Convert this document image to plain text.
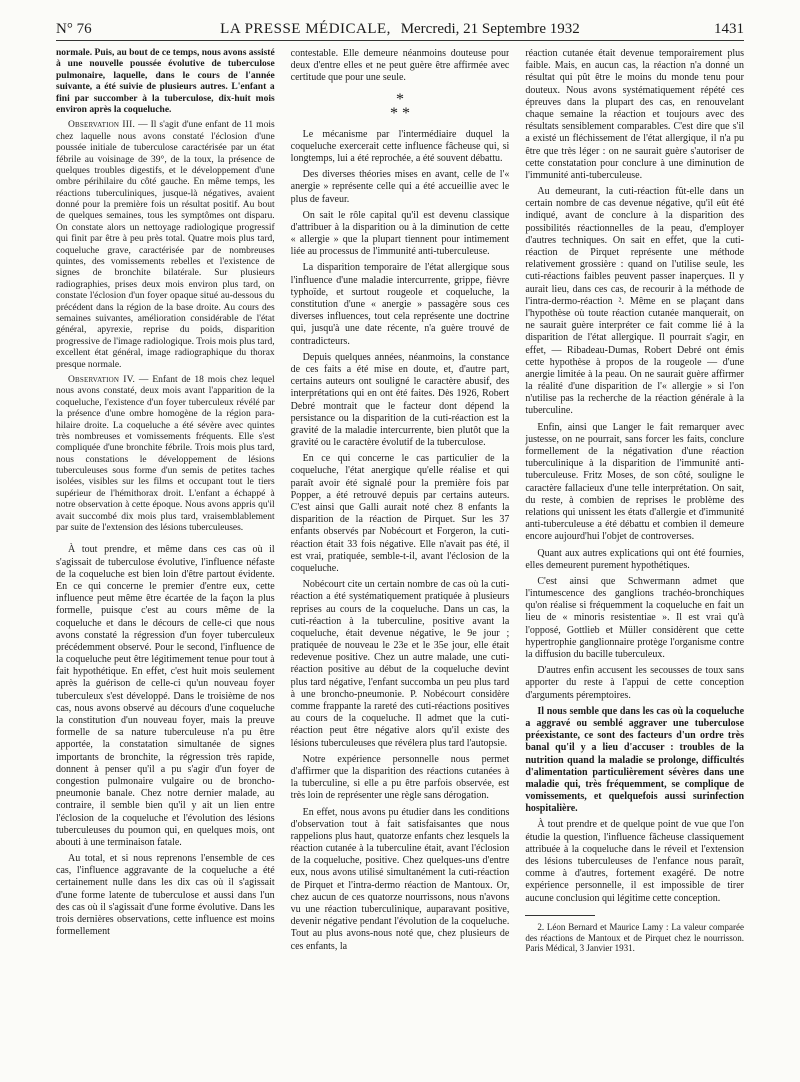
N° 76	LA PRESSE MÉDICALE, Mercredi, 21 Septembre 1932	1431

normale. Puis, au bout de ce temps, nous avons assisté à une nouvelle poussée évolutive de tuberculose pulmonaire, laquelle, dans le cours de l'année suivante, a été suivie de plusieurs autres. L'enfant a fini par succomber à la tuberculose, dix-huit mois environ après la coqueluche.

Observation III. — Il s'agit d'une enfant de 11 mois chez laquelle nous avons constaté l'éclosion d'une poussée initiale de tuberculose caractérisée par un état fébrile au voisinage de 39°, de la toux, la présence de quelques troubles digestifs, et le développement d'une ombre périhilaire du côté gauche. En même temps, les réactions tuberculiniques, jusque-là négatives, avaient donné pour la première fois un résultat positif. Au bout de quelques semaines, tous les symptômes ont disparu. On constate alors un nettoyage radiologique progressif qui finit par être à peu près total. Quatre mois plus tard, coqueluche grave, caractérisée par de nombreuses quintes, des vomissements rebelles et l'existence de signes de bronchite bilatérale. Sur plusieurs radiographies, prises deux mois environ plus tard, on constate l'éclosion d'un foyer opaque situé au-dessous du précédent dans la région de la base droite. Au cours des semaines suivantes, amélioration considérable de l'état général, apyrexie, reprise du poids, disparition progressive de l'image radiologique. Trois mois plus tard, excellent état général, image radiographique du thorax presque normale.

Observation IV. — Enfant de 18 mois chez lequel nous avons constaté, deux mois avant l'apparition de la coqueluche, l'existence d'un foyer tuberculeux révélé par la présence d'une ombre homogène de la région para-hilaire droite. La coqueluche a été sévère avec quintes très nombreuses et vomissements fréquents. Elle s'est compliquée d'une bronchite fébrile. Trois mois plus tard, nous constations le développement de lésions tuberculeuses sous forme d'un semis de petites taches isolées, visibles sur les films et occupant tout le tiers supérieur de l'hémithorax droit. L'enfant a échappé à notre observation à cette époque. Nous avons appris qu'il avait succombé dix mois plus tard, vraisemblablement par suite de l'extension des lésions tuberculeuses.

À tout prendre, et même dans ces cas où il s'agissait de tuberculose évolutive, l'influence néfaste de la coqueluche est bien loin d'être partout évidente. En ce qui concerne le premier d'entre eux, cette influence peut même être écartée de la façon la plus formelle, puisque c'est au cours même de la coqueluche et dans le décours de celle-ci que nous avons constaté la régression d'un foyer tuberculeux précédemment observé. Pour le second, l'influence de la coqueluche peut être légitimement tenue pour tout à fait hypothétique. En effet, c'est huit mois seulement après la guérison de celle-ci qu'un nouveau foyer tuberculeux s'est développé. Dans le troisième de nos cas, nous avons observé au décours d'une coqueluche la constitution d'un nouveau foyer, mais la preuve formelle de sa nature tuberculeuse n'a pu être apportée, la constatation simultanée de signes importants de bronchite, la régression très rapide, donnent à penser qu'il a pu s'agir d'un foyer de congestion pulmonaire vulgaire ou de broncho-pneumonie banale. Chez notre dernier malade, au contraire, il semble bien qu'il y ait un lien entre l'éclosion de la coqueluche et l'évolution des lésions tuberculeuses du poumon qui, en quelques mois, ont abouti à une terminaison fatale.

Au total, et si nous reprenons l'ensemble de ces cas, l'influence aggravante de la coqueluche a été certainement nulle dans les dix cas où il s'agissait d'une forme latente de tuberculose et aussi dans l'un des cas où il s'agissait d'une forme évolutive. Dans les trois dernières observations, cette influence est moins formellement

contestable. Elle demeure néanmoins douteuse pour deux d'entre elles et ne peut guère être affirmée avec certitude que pour une seule.

*
* *

Le mécanisme par l'intermédiaire duquel la coqueluche exercerait cette influence fâcheuse qui, si longtemps, lui a été reprochée, a été souvent débattu.

Des diverses théories mises en avant, celle de l'« anergie » représente celle qui a été accueillie avec le plus de faveur.

On sait le rôle capital qu'il est devenu classique d'attribuer à la disparition ou à la diminution de cette « allergie » que la plupart tiennent pour intimement liée au processus de l'immunité anti-tuberculeuse.

La disparition temporaire de l'état allergique sous l'influence d'une maladie intercurrente, grippe, fièvre typhoïde, et surtout rougeole et coqueluche, la constitution d'une « anergie » passagère sous ces diverses influences, tout cela représente une doctrine qui, jusqu'à une date récente, n'a guère trouvé de contradicteurs.

Depuis quelques années, néanmoins, la constance de ces faits a été mise en doute, et, d'autre part, certains auteurs ont souligné le caractère abusif, des interprétations qui en ont été faites. Dès 1926, Robert Debré montrait que le facteur dont dépend la persistance ou la disparition de la cuti-réaction est la gravité de la maladie intercurrente, bien plutôt que la gravité ou le caractère évolutif de la tuberculose.

En ce qui concerne le cas particulier de la coqueluche, l'état anergique qu'elle réalise et qui paraît avoir été signalé pour la première fois par Popper, a été retrouvé depuis par certains auteurs. C'est ainsi que Galli aurait noté chez 8 enfants la disparition de la réaction de Pirquet. Sur les 37 enfants observés par Nobécourt et Forgeron, la cuti-réaction était 33 fois négative. Elle n'avait pas été, il est vrai, pratiquée, semble-t-il, avant l'éclosion de la coqueluche.

Nobécourt cite un certain nombre de cas où la cuti-réaction a été systématiquement pratiquée à plusieurs reprises au cours de la coqueluche. Dans un cas, la cuti-réaction à la tuberculine, positive avant la coqueluche, était devenue négative, le 9e jour ; pratiquée de nouveau le 23e et le 35e jour, elle était redevenue positive. Chez un autre malade, une cuti-réaction positive au début de la coqueluche devint plus tard négative, l'enfant succomba un peu plus tard à une broncho-pneumonie. P. Nobécourt considère comme frappante la rareté des cuti-réactions positives au cours de la coqueluche. Il admet que la cuti-réaction peut être négative alors qu'il existe des lésions tuberculeuses que révélera plus tard l'autopsie.

Notre expérience personnelle nous permet d'affirmer que la disparition des réactions cutanées à la tuberculine, si elle a pu être parfois observée, est très loin de représenter une règle sans dérogation.

En effet, nous avons pu étudier dans les conditions d'observation tout à fait satisfaisantes que nous rappelions plus haut, quatorze enfants chez lesquels la réaction cutanée à la tuberculine était, avant l'éclosion de la coqueluche, positive. Chez quelques-uns d'entre eux, nous avons utilisé simultanément la cuti-réaction de Pirquet et l'intra-dermo réaction de Mantoux. Or, chez aucun de ces quatorze nourrissons, nous n'avons vu une réaction tuberculinique, auparavant positive, devenir négative pendant l'évolution de la coqueluche. Tout au plus avons-nous noté que, chez plusieurs de ces enfants, la

réaction cutanée était devenue temporairement plus faible. Mais, en aucun cas, la réaction n'a donné un résultat qui pût être le moins du monde tenu pour douteux. Nous avons systématiquement répété ces épreuves dans la plupart des cas, en renouvelant chaque semaine la réaction et toujours avec des résultats sensiblement comparables. C'est dire que s'il a existé un fléchissement de l'état allergique, il n'a pu être que très léger : on ne saurait guère s'autoriser de cette constatation pour conclure à une diminution de l'immunité anti-tuberculeuse.

Au demeurant, la cuti-réaction fût-elle dans un certain nombre de cas devenue négative, qu'il eût été indiqué, avant de conclure à la disparition des possibilités réactionnelles de la peau, d'employer d'autres techniques. On sait en effet, que la cuti-réaction de Pirquet représente une méthode relativement grossière : quand on l'utilise seule, les cuti-réactions faibles peuvent passer inaperçues. Il y aurait lieu, dans ces cas, de recourir à la méthode de l'intra-dermo-réaction ². Même en se plaçant dans l'hypothèse où toute réaction cutanée manquerait, on ne saurait guère interpréter ce fait comme lié à la disparition de l'état allergique. Il pourrait s'agir, en effet, — Ribadeau-Dumas, Robert Debré ont émis cette hypothèse à propos de la rougeole — d'une anergie limitée à la peau. On ne saurait guère affirmer la réalité d'une disparition de l'« allergie » si l'on n'utilise pas la recherche de la réaction générale à la tuberculine.

Enfin, ainsi que Langer le fait remarquer avec justesse, on ne pourrait, sans forcer les faits, conclure formellement de la négativation d'une réaction tuberculinique à la disparition de l'immunité anti-tuberculeuse. Fritz Moses, de son côté, souligne le caractère fallacieux d'une telle interprétation. On sait, du reste, à combien de reprises le problème des relations qui unissent les états d'allergie et d'immunité anti-tuberculeuse a été débattu et combien il demeure encore aujourd'hui l'objet de controverses.

Quant aux autres explications qui ont été fournies, elles demeurent purement hypothétiques.

C'est ainsi que Schwermann admet que l'intumescence des ganglions trachéo-bronchiques qu'on réalise si fréquemment la coqueluche en fait un lieu de « minoris resistentiae ». Il est vrai qu'à l'opposé, Gottlieb et Müller considèrent que cette hypertrophie ganglionnaire protège l'organisme contre la diffusion du bacille tuberculeux.

D'autres enfin accusent les secousses de toux sans apporter du reste à l'appui de cette conception d'arguments péremptoires.

Il nous semble que dans les cas où la coqueluche a aggravé ou semblé aggraver une tuberculose préexistante, ce sont des facteurs d'un ordre très banal qu'il y a lieu d'accuser : troubles de la nutrition quand la maladie se prolonge, difficultés d'alimentation particulièrement sévères dans une maladie qui, très fréquemment, se complique de vomissements, et quelquefois aussi surinfection hospitalière.

À tout prendre et de quelque point de vue que l'on étudie la question, l'influence fâcheuse classiquement attribuée à la coqueluche dans le réveil et l'extension des lésions tuberculeuses de l'enfance nous paraît, comme à d'autres, fortement exagéré. De notre expérience personnelle, il est impossible de tirer aucune conclusion qui légitime cette conception.

2. Léon Bernard et Maurice Lamy : La valeur comparée des réactions de Mantoux et de Pirquet chez le nourrisson. Paris Médical, 3 Janvier 1931.
